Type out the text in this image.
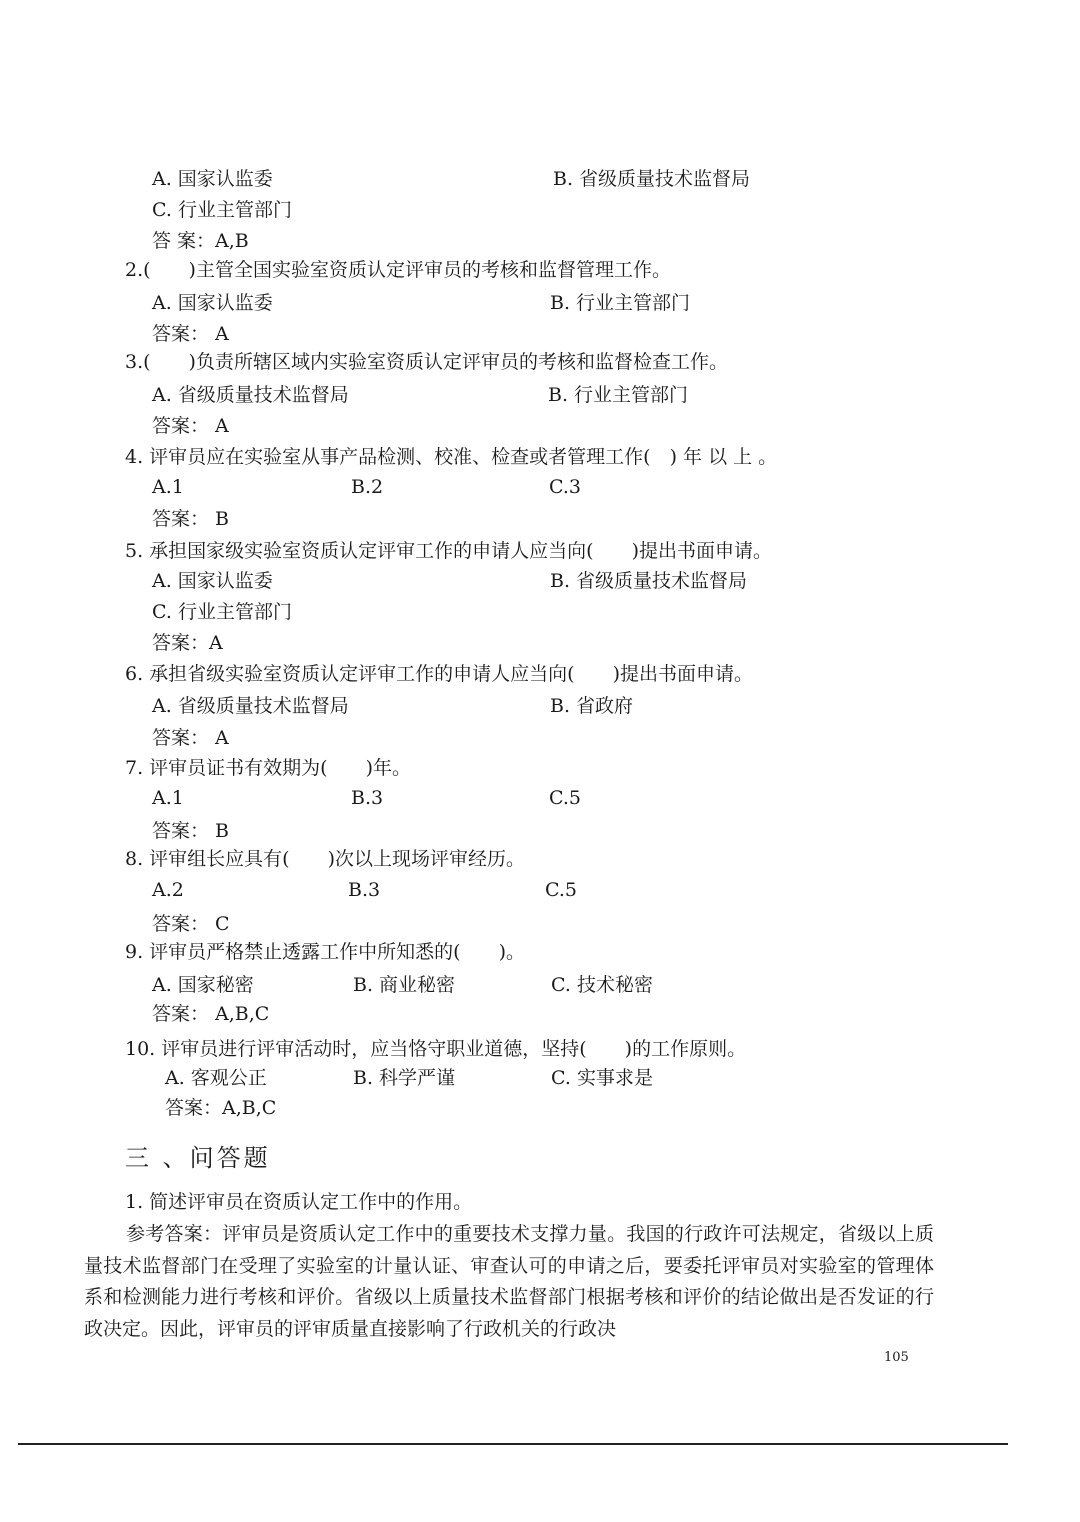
A. 国家认监委	B. 省级质量技术监督局
C. 行业主管部门
答 案：A,B
2.(　　)主管全国实验室资质认定评审员的考核和监督管理工作。
A. 国家认监委	B. 行业主管部门
答案： A
3.(　　)负责所辖区域内实验室资质认定评审员的考核和监督检查工作。
A. 省级质量技术监督局	B. 行业主管部门
答案： A
4. 评审员应在实验室从事产品检测、校准、检查或者管理工作(　) 年 以 上 。
A.1	B.2	C.3
答案： B
5. 承担国家级实验室资质认定评审工作的申请人应当向(　　)提出书面申请。
A. 国家认监委	B. 省级质量技术监督局
C. 行业主管部门
答案：A
6. 承担省级实验室资质认定评审工作的申请人应当向(　　)提出书面申请。
A. 省级质量技术监督局	B. 省政府
答案： A
7. 评审员证书有效期为(　　)年。
A.1	B.3	C.5
答案： B
8. 评审组长应具有(　　)次以上现场评审经历。
A.2	B.3	C.5
答案： C
9. 评审员严格禁止透露工作中所知悉的(　　)。
A. 国家秘密	B. 商业秘密	C. 技术秘密
答案： A,B,C
10. 评审员进行评审活动时，应当恪守职业道德，坚持(　　)的工作原则。
A. 客观公正	B. 科学严谨	C. 实事求是
答案：A,B,C
三 、问答题
1. 简述评审员在资质认定工作中的作用。
参考答案：评审员是资质认定工作中的重要技术支撑力量。我国的行政许可法规定，省级以上质量技术监督部门在受理了实验室的计量认证、审查认可的申请之后，要委托评审员对实验室的管理体系和检测能力进行考核和评价。省级以上质量技术监督部门根据考核和评价的结论做出是否发证的行政决定。因此，评审员的评审质量直接影响了行政机关的行政决
105
